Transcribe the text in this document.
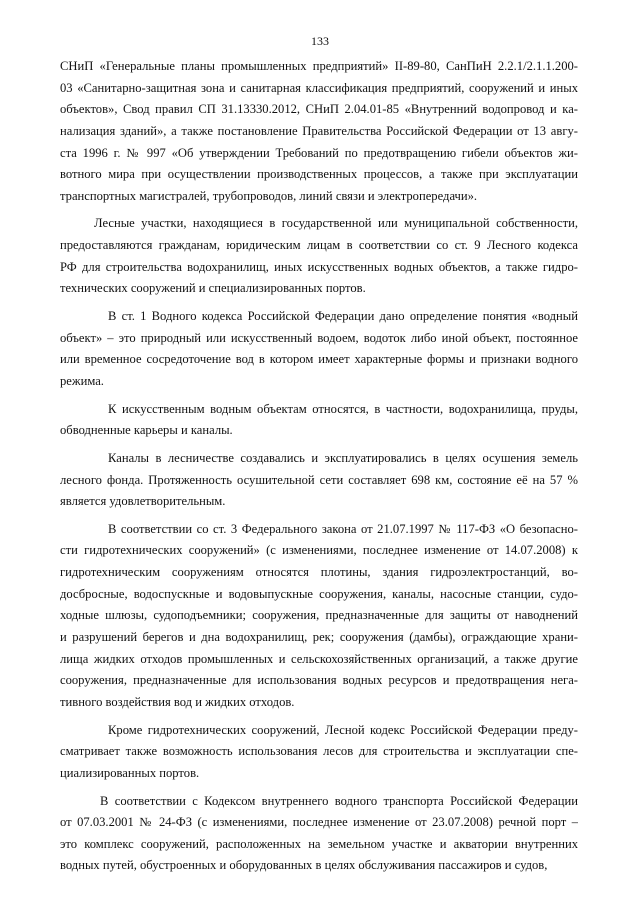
133
СНиП «Генеральные планы промышленных предприятий» II-89-80, СанПиН 2.2.1/2.1.1.200-
03 «Санитарно-защитная зона и санитарная классификация предприятий, сооружений и иных
объектов», Свод правил СП 31.13330.2012, СНиП 2.04.01-85 «Внутренний водопровод и ка-
нализация зданий», а также постановление Правительства Российской Федерации от 13 авгу-
ста 1996 г. № 997 «Об утверждении Требований по предотвращению гибели объектов жи-
вотного мира при осуществлении производственных процессов, а также при эксплуатации
транспортных магистралей, трубопроводов, линий связи и электропередачи».
Лесные участки, находящиеся в государственной или муниципальной собственности,
предоставляются гражданам, юридическим лицам в соответствии со ст. 9 Лесного кодекса
РФ для строительства водохранилищ, иных искусственных водных объектов, а также гидро-
технических сооружений и специализированных портов.
В ст. 1 Водного кодекса Российской Федерации дано определение понятия «водный
объект» – это природный или искусственный водоем, водоток либо иной объект, постоянное
или временное сосредоточение вод в котором имеет характерные формы и признаки водного
режима.
К искусственным водным объектам относятся, в частности, водохранилища, пруды,
обводненные карьеры и каналы.
Каналы в лесничестве создавались и эксплуатировались в целях осушения земель
лесного фонда. Протяженность осушительной сети составляет 698 км, состояние её на 57 %
является удовлетворительным.
В соответствии со ст. 3 Федерального закона от 21.07.1997 № 117-ФЗ «О безопасно-
сти гидротехнических сооружений» (с изменениями, последнее изменение от 14.07.2008) к
гидротехническим сооружениям относятся плотины, здания гидроэлектростанций, во-
досбросные, водоспускные и водовыпускные сооружения, каналы, насосные станции, судо-
ходные шлюзы, судоподъемники; сооружения, предназначенные для защиты от наводнений
и разрушений берегов и дна водохранилищ, рек; сооружения (дамбы), ограждающие храни-
лища жидких отходов промышленных и сельскохозяйственных организаций, а также другие
сооружения, предназначенные для использования водных ресурсов и предотвращения нега-
тивного воздействия вод и жидких отходов.
Кроме гидротехнических сооружений, Лесной кодекс Российской Федерации преду-
сматривает также возможность использования лесов для строительства и эксплуатации спе-
циализированных портов.
В соответствии с Кодексом внутреннего водного транспорта Российской Федерации
от 07.03.2001 № 24-ФЗ (с изменениями, последнее изменение от 23.07.2008) речной порт –
это комплекс сооружений, расположенных на земельном участке и акватории внутренних
водных путей, обустроенных и оборудованных в целях обслуживания пассажиров и судов,
